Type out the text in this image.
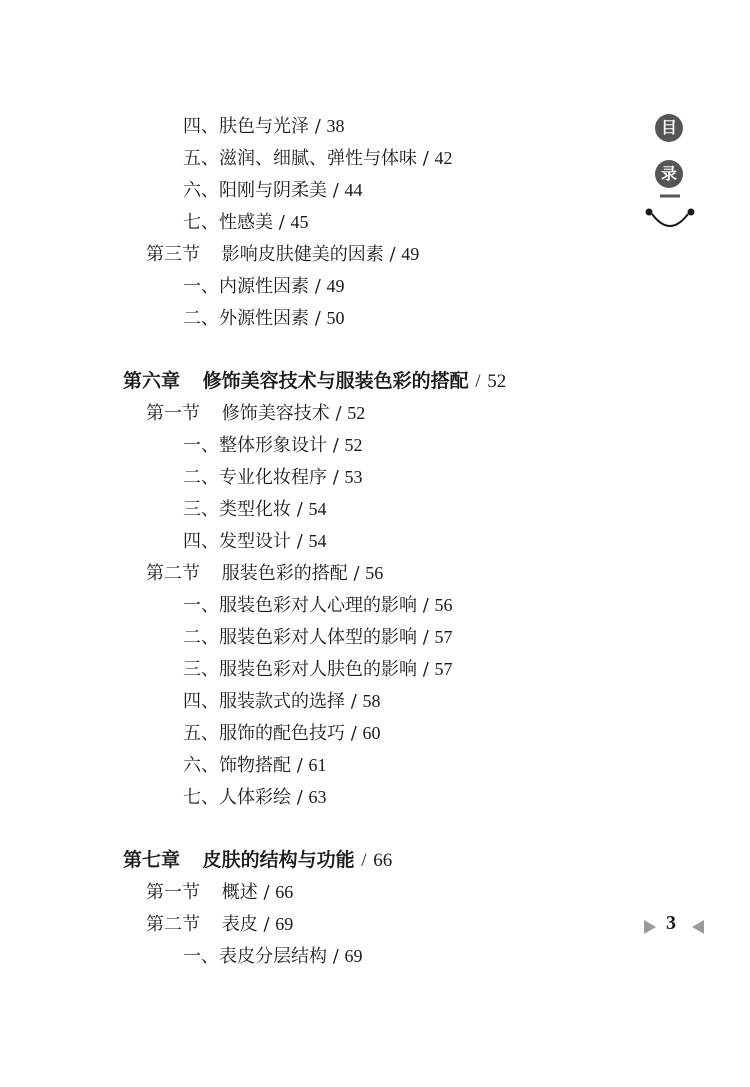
四、肤色与光泽 / 38
五、滋润、细腻、弹性与体味 / 42
六、阳刚与阴柔美 / 44
七、性感美 / 45
第三节 影响皮肤健美的因素 / 49
一、内源性因素 / 49
二、外源性因素 / 50
第六章 修饰美容技术与服装色彩的搭配 / 52
第一节 修饰美容技术 / 52
一、整体形象设计 / 52
二、专业化妆程序 / 53
三、类型化妆 / 54
四、发型设计 / 54
第二节 服装色彩的搭配 / 56
一、服装色彩对人心理的影响 / 56
二、服装色彩对人体型的影响 / 57
三、服装色彩对人肤色的影响 / 57
四、服装款式的选择 / 58
五、服饰的配色技巧 / 60
六、饰物搭配 / 61
七、人体彩绘 / 63
第七章 皮肤的结构与功能 / 66
第一节 概述 / 66
第二节 表皮 / 69
一、表皮分层结构 / 69
目
录
3
